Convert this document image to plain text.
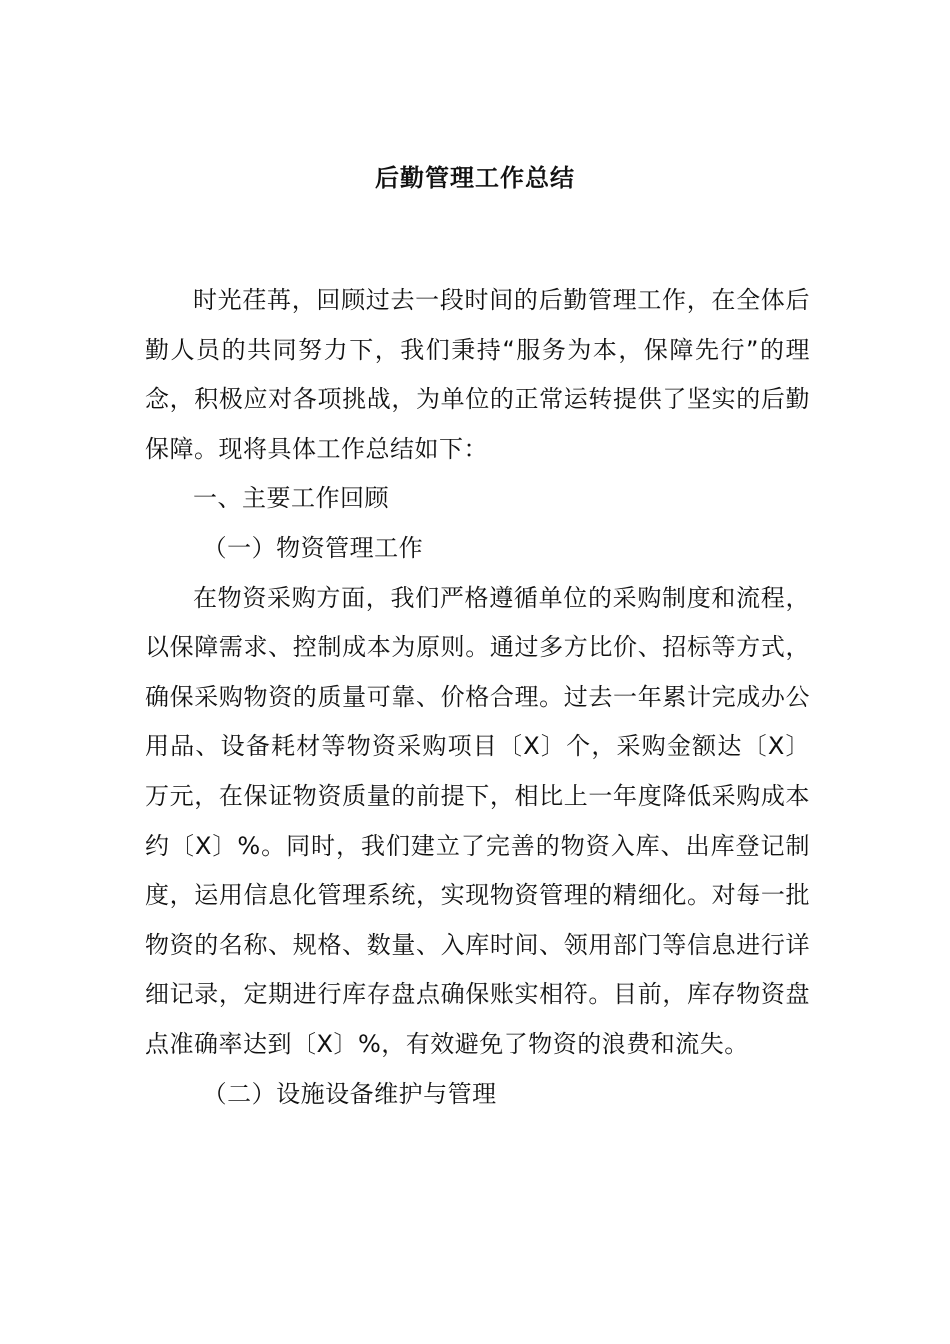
后勤管理工作总结

时光荏苒，回顾过去一段时间的后勤管理工作，在全体后勤人员的共同努力下，我们秉持“服务为本，保障先行”的理念，积极应对各项挑战，为单位的正常运转提供了坚实的后勤保障。现将具体工作总结如下：

一、主要工作回顾

（一）物资管理工作

在物资采购方面，我们严格遵循单位的采购制度和流程，以保障需求、控制成本为原则。通过多方比价、招标等方式，确保采购物资的质量可靠、价格合理。过去一年累计完成办公用品、设备耗材等物资采购项目〔X〕个，采购金额达〔X〕万元，在保证物资质量的前提下，相比上一年度降低采购成本约〔X〕%。同时，我们建立了完善的物资入库、出库登记制度，运用信息化管理系统，实现物资管理的精细化。对每一批物资的名称、规格、数量、入库时间、领用部门等信息进行详细记录，定期进行库存盘点确保账实相符。目前，库存物资盘点准确率达到〔X〕%，有效避免了物资的浪费和流失。

（二）设施设备维护与管理
